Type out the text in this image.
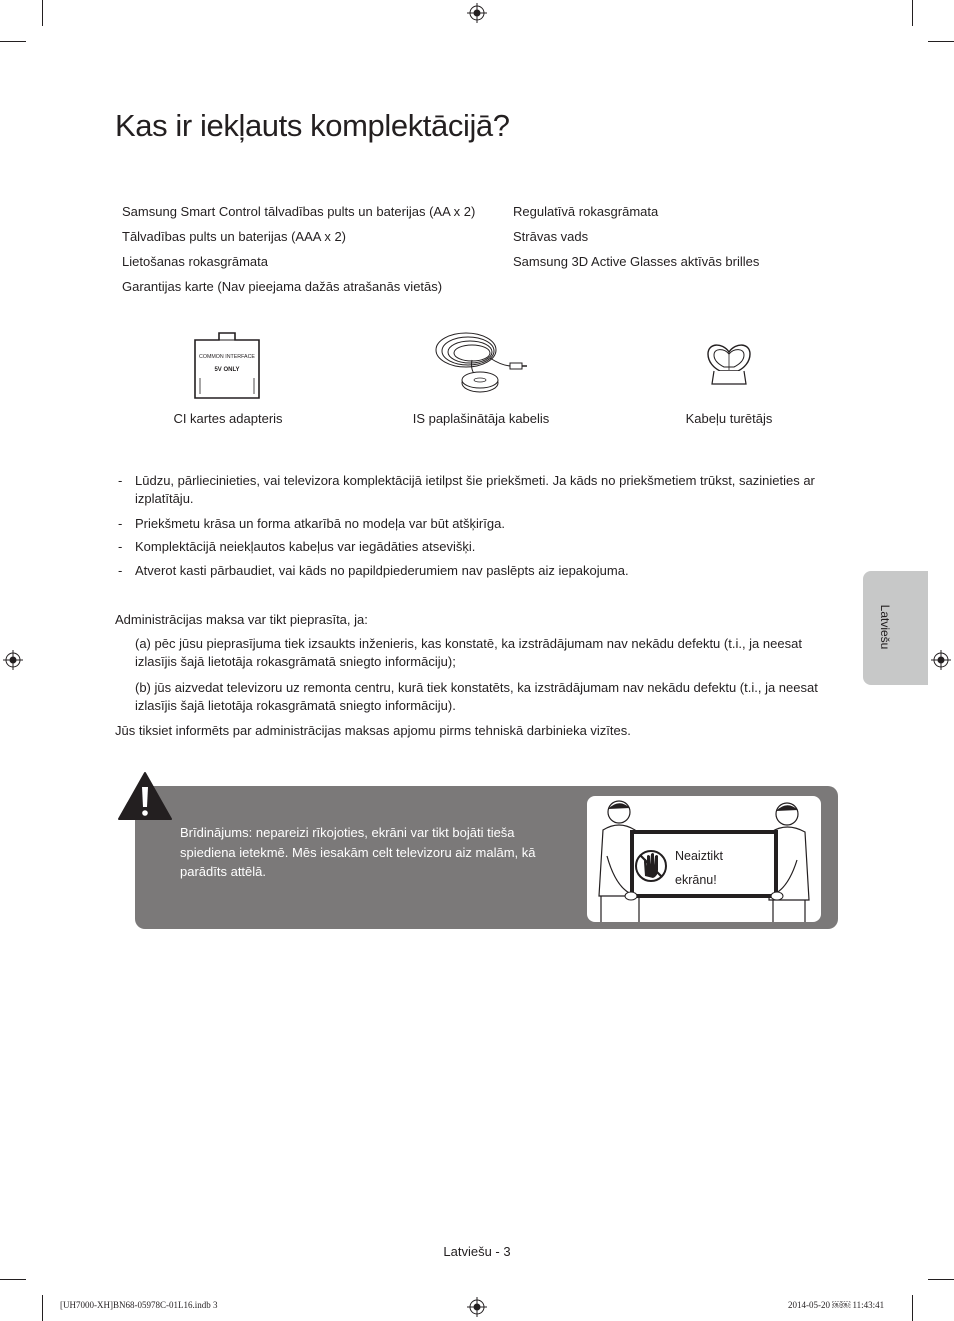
Kas ir iekļauts komplektācijā?
Samsung Smart Control tālvadības pults un baterijas (AA x 2)
Tālvadības pults un baterijas (AAA x 2)
Lietošanas rokasgrāmata
Garantijas karte (Nav pieejama dažās atrašanās vietās)
Regulatīvā rokasgrāmata
Strāvas vads
Samsung 3D Active Glasses aktīvās brilles
COMMON INTERFACE
5V ONLY
CI kartes adapteris	IS paplašinātāja kabelis	Kabeļu turētājs
- Lūdzu, pārliecinieties, vai televizora komplektācijā ietilpst šie priekšmeti. Ja kāds no priekšmetiem trūkst, sazinieties ar izplatītāju.
- Priekšmetu krāsa un forma atkarībā no modeļa var būt atšķirīga.
- Komplektācijā neiekļautos kabeļus var iegādāties atsevišķi.
- Atverot kasti pārbaudiet, vai kāds no papildpiederumiem nav paslēpts aiz iepakojuma.
Administrācijas maksa var tikt pieprasīta, ja:
(a) pēc jūsu pieprasījuma tiek izsaukts inženieris, kas konstatē, ka izstrādājumam nav nekādu defektu (t.i., ja neesat izlasījis šajā lietotāja rokasgrāmatā sniegto informāciju);
(b) jūs aizvedat televizoru uz remonta centru, kurā tiek konstatēts, ka izstrādājumam nav nekādu defektu (t.i., ja neesat izlasījis šajā lietotāja rokasgrāmatā sniegto informāciju).
Jūs tiksiet informēts par administrācijas maksas apjomu pirms tehniskā darbinieka vizītes.
Brīdinājums: nepareizi rīkojoties, ekrāni var tikt bojāti tieša spiediena ietekmē. Mēs iesakām celt televizoru aiz malām, kā parādīts attēlā.
Neaiztikt
ekrānu!
Latviešu
Latviešu - 3
[UH7000-XH]BN68-05978C-01L16.indb 3	2014-05-20 ￼￼ 11:43:41
